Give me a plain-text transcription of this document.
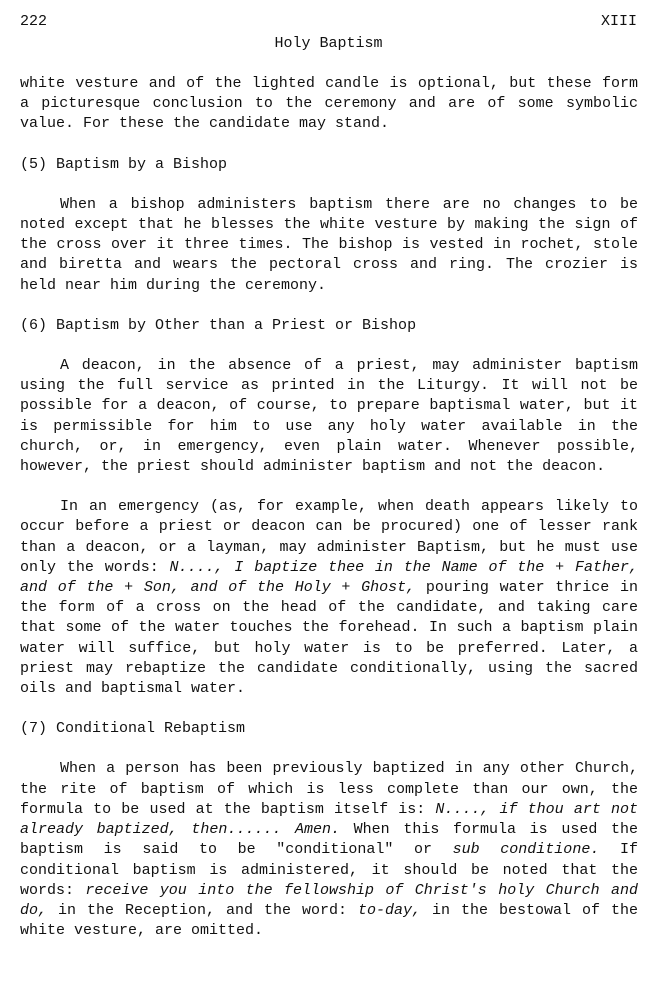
222	XIII
Holy Baptism

white vesture and of the lighted candle is optional, but these form a picturesque conclusion to the ceremony and are of some symbolic value. For these the candidate may stand.

(5) Baptism by a Bishop

When a bishop administers baptism there are no changes to be noted except that he blesses the white vesture by making the sign of the cross over it three times. The bishop is vested in rochet, stole and biretta and wears the pectoral cross and ring. The crozier is held near him during the ceremony.

(6) Baptism by Other than a Priest or Bishop

A deacon, in the absence of a priest, may administer baptism using the full service as printed in the Liturgy. It will not be possible for a deacon, of course, to prepare baptismal water, but it is permissible for him to use any holy water available in the church, or, in emergency, even plain water. Whenever possible, however, the priest should administer baptism and not the deacon.

In an emergency (as, for example, when death appears likely to occur before a priest or deacon can be procured) one of lesser rank than a deacon, or a layman, may administer Baptism, but he must use only the words: N...., I baptize thee in the Name of the + Father, and of the + Son, and of the Holy + Ghost, pouring water thrice in the form of a cross on the head of the candidate, and taking care that some of the water touches the forehead. In such a baptism plain water will suffice, but holy water is to be preferred. Later, a priest may rebaptize the candidate conditionally, using the sacred oils and baptismal water.

(7) Conditional Rebaptism

When a person has been previously baptized in any other Church, the rite of baptism of which is less complete than our own, the formula to be used at the baptism itself is: N...., if thou art not already baptized, then...... Amen. When this formula is used the baptism is said to be "conditional" or sub conditione. If conditional baptism is administered, it should be noted that the words: receive you into the fellowship of Christ's holy Church and do, in the Reception, and the word: to-day, in the bestowal of the white vesture, are omitted.
